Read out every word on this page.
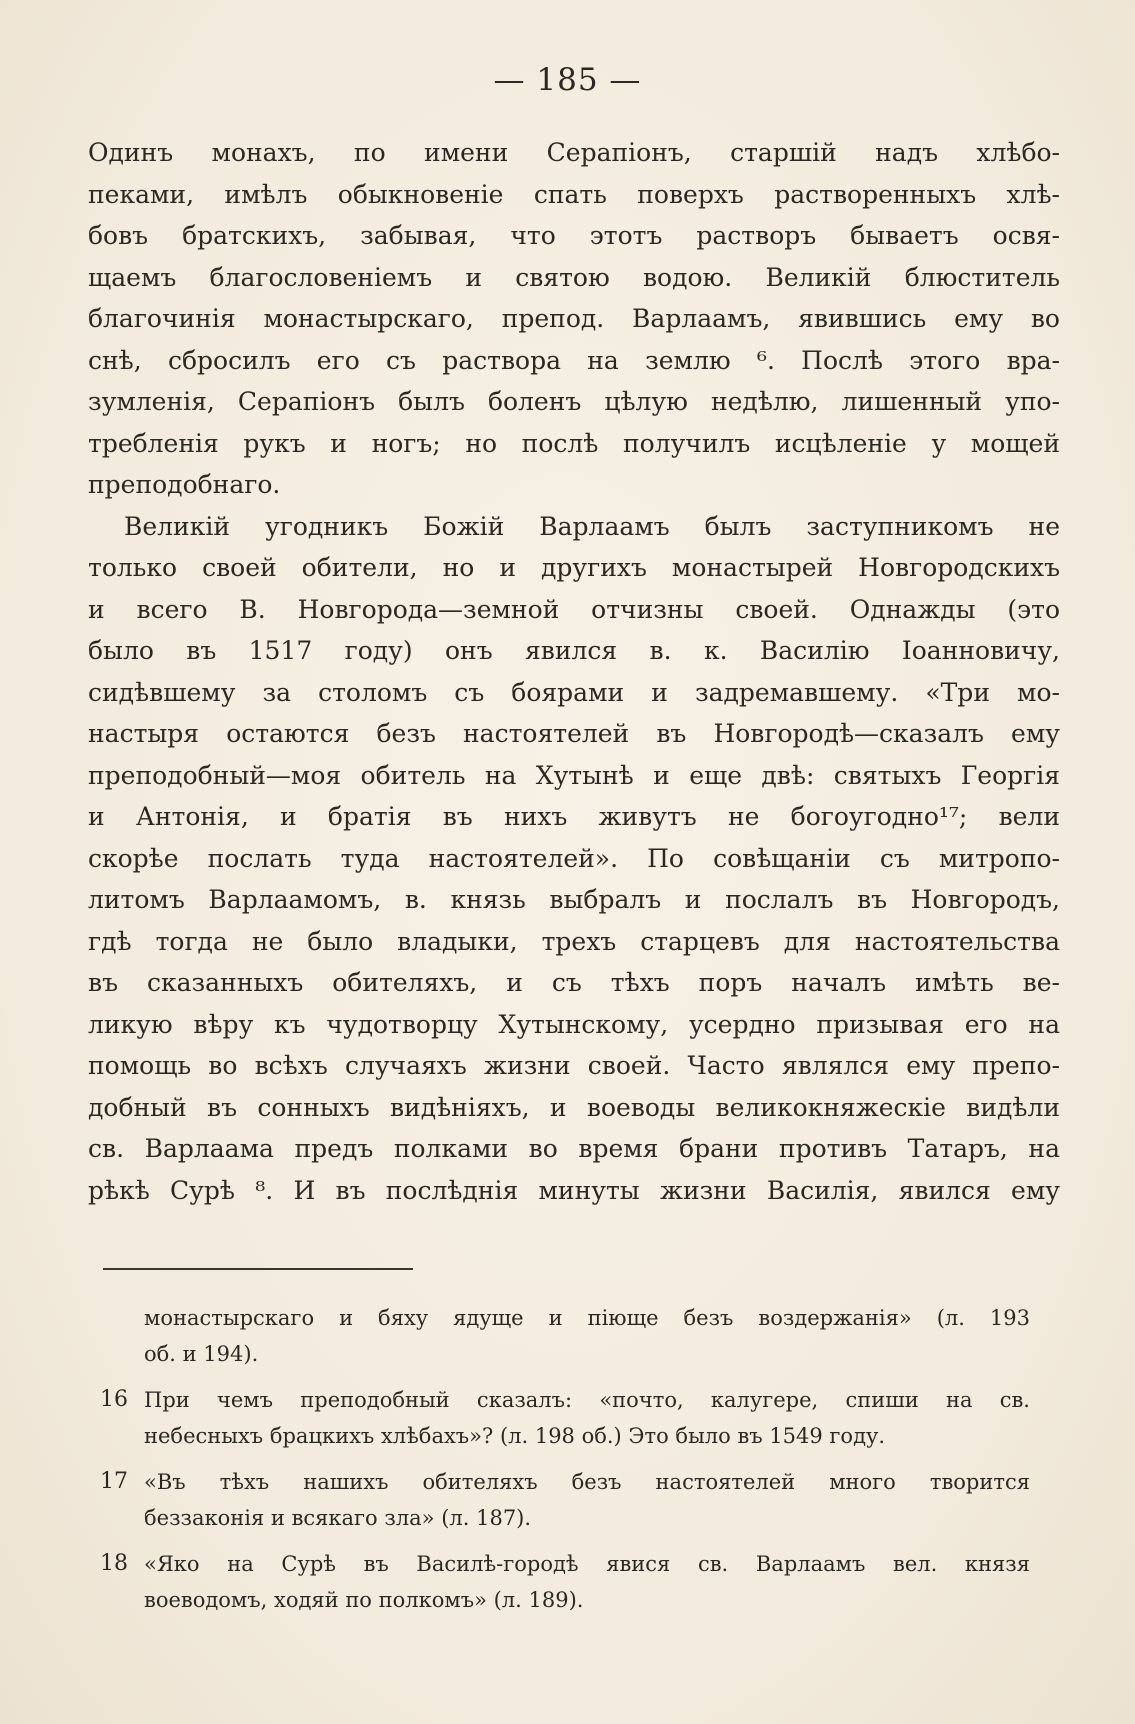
— 185 —
Одинъ монахъ, по имени Серапіонъ, старшій надъ хлѣбо-
пеками, имѣлъ обыкновеніе спать поверхъ растворенныхъ хлѣ-
бовъ братскихъ, забывая, что этотъ растворъ бываетъ освя-
щаемъ благословеніемъ и святою водою. Великій блюститель
благочинія монастырскаго, препод. Варлаамъ, явившись ему во
снѣ, сбросилъ его съ раствора на землю ⁶. Послѣ этого вра-
зумленія, Серапіонъ былъ боленъ цѣлую недѣлю, лишенный упо-
требленія рукъ и ногъ; но послѣ получилъ исцѣленіе у мощей
преподобнаго.
Великій угодникъ Божій Варлаамъ былъ заступникомъ не
только своей обители, но и другихъ монастырей Новгородскихъ
и всего В. Новгорода—земной отчизны своей. Однажды (это
было въ 1517 году) онъ явился в. к. Василію Іоанновичу,
сидѣвшему за столомъ съ боярами и задремавшему. «Три мо-
настыря остаются безъ настоятелей въ Новгородѣ—сказалъ ему
преподобный—моя обитель на Хутынѣ и еще двѣ: святыхъ Георгія
и Антонія, и братія въ нихъ живутъ не богоугодно¹⁷; вели
скорѣе послать туда настоятелей». По совѣщаніи съ митропо-
литомъ Варлаамомъ, в. князь выбралъ и послалъ въ Новгородъ,
гдѣ тогда не было владыки, трехъ старцевъ для настоятельства
въ сказанныхъ обителяхъ, и съ тѣхъ поръ началъ имѣть ве-
ликую вѣру къ чудотворцу Хутынскому, усердно призывая его на
помощь во всѣхъ случаяхъ жизни своей. Часто являлся ему препо-
добный въ сонныхъ видѣніяхъ, и воеводы великокняжескіе видѣли
св. Варлаама предъ полками во время брани противъ Татаръ, на
рѣкѣ Сурѣ ⁸. И въ послѣднія минуты жизни Василія, явился ему
монастырскаго и бяху ядуще и піюще безъ воздержанія» (л. 193
об. и 194).
16 При чемъ преподобный сказалъ: «почто, калугере, спиши на св.
небесныхъ брацкихъ хлѣбахъ»? (л. 198 об.) Это было въ 1549 году.
17 «Въ тѣхъ нашихъ обителяхъ безъ настоятелей много творится
беззаконія и всякаго зла» (л. 187).
18 «Яко на Сурѣ въ Василѣ-городѣ явися св. Варлаамъ вел. князя
воеводомъ, ходяй по полкомъ» (л. 189).
